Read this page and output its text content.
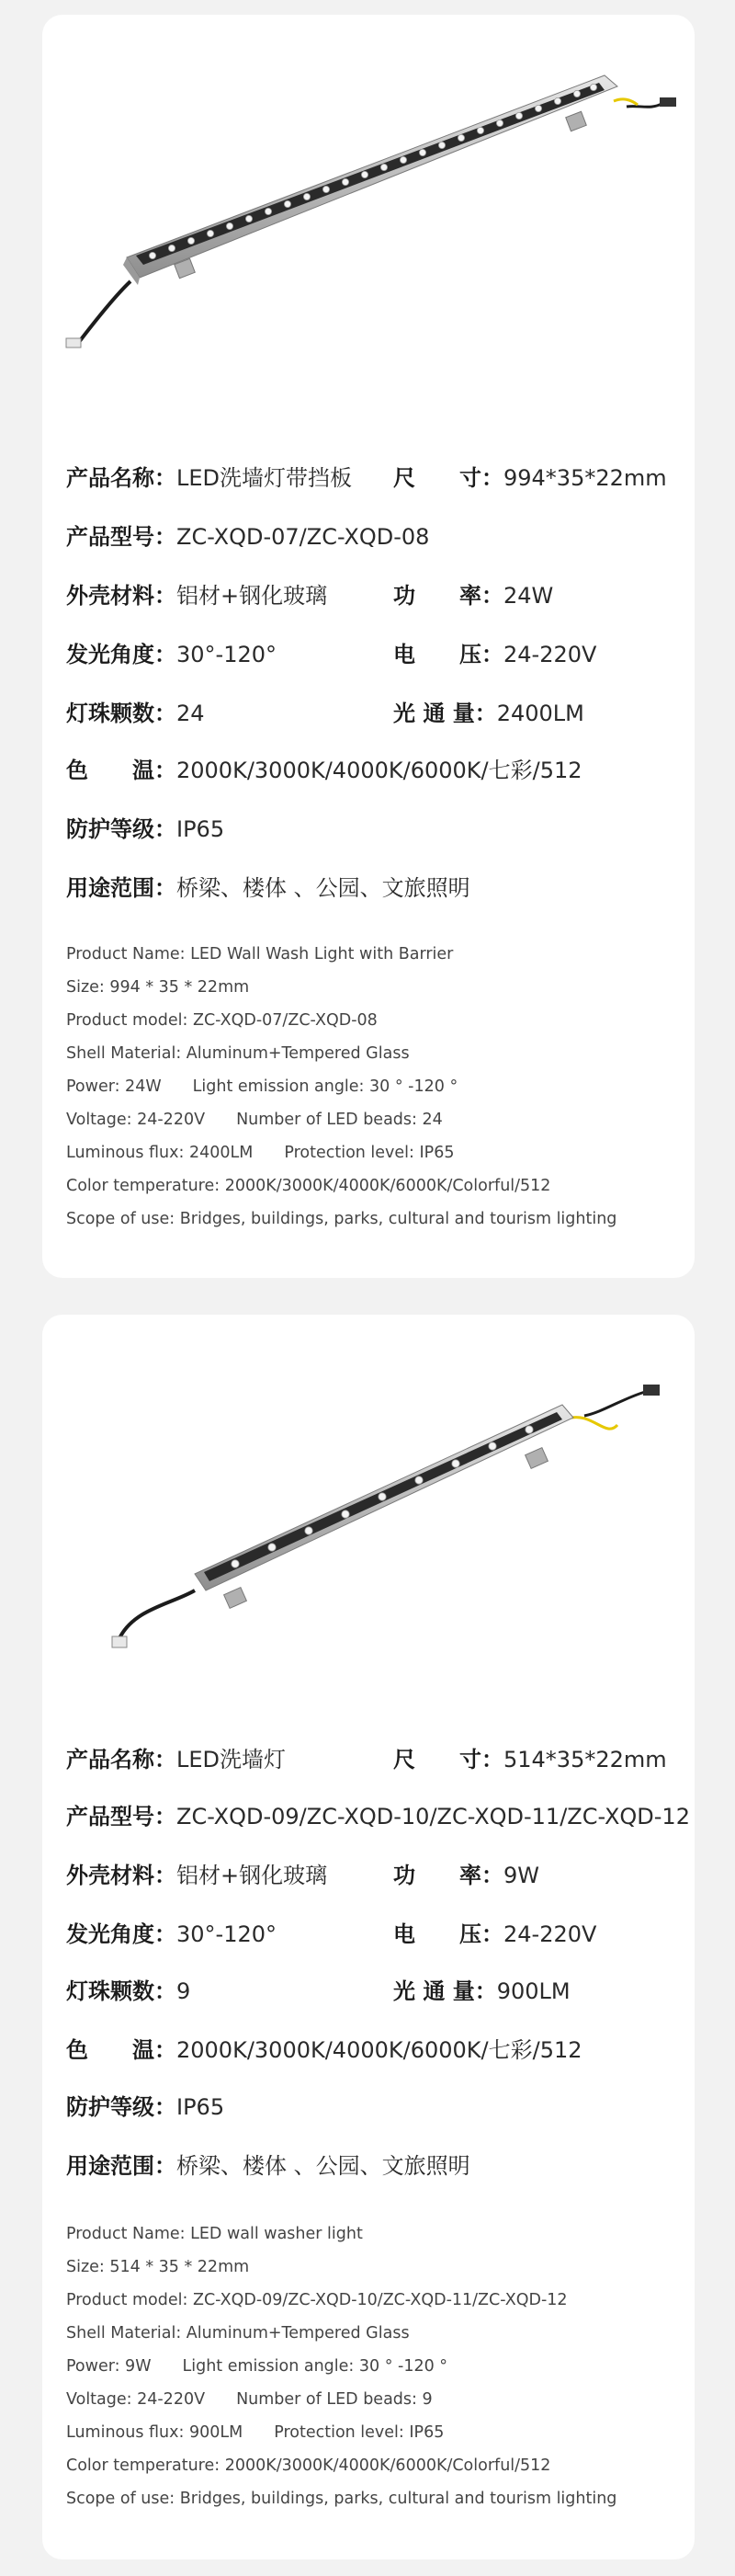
产品名称：LED洗墙灯带挡板 尺　　寸：994*35*22mm
产品型号：ZC-XQD-07/ZC-XQD-08
外壳材料：铝材+钢化玻璃	功　　率：24W
发光角度：30°-120°	电　　压：24-220V
灯珠颗数：24	光 通 量：2400LM
色　　温：2000K/3000K/4000K/6000K/七彩/512
防护等级：IP65
用途范围：桥梁、楼体 、公园、文旅照明
Product Name: LED Wall Wash Light with Barrier
Size: 994 * 35 * 22mm
Product model: ZC-XQD-07/ZC-XQD-08
Shell Material: Aluminum+Tempered Glass
Power: 24W Light emission angle: 30 ° -120 °
Voltage: 24-220V Number of LED beads: 24
Luminous flux: 2400LM Protection level: IP65
Color temperature: 2000K/3000K/4000K/6000K/Colorful/512
Scope of use: Bridges, buildings, parks, cultural and tourism lighting
产品名称：LED洗墙灯	尺　　寸：514*35*22mm
产品型号：ZC-XQD-09/ZC-XQD-10/ZC-XQD-11/ZC-XQD-12
外壳材料：铝材+钢化玻璃	功　　率：9W
发光角度：30°-120°	电　　压：24-220V
灯珠颗数：9	光 通 量：900LM
色　　温：2000K/3000K/4000K/6000K/七彩/512
防护等级：IP65
用途范围：桥梁、楼体 、公园、文旅照明
Product Name: LED wall washer light
Size: 514 * 35 * 22mm
Product model: ZC-XQD-09/ZC-XQD-10/ZC-XQD-11/ZC-XQD-12
Shell Material: Aluminum+Tempered Glass
Power: 9W Light emission angle: 30 ° -120 °
Voltage: 24-220V Number of LED beads: 9
Luminous flux: 900LM Protection level: IP65
Color temperature: 2000K/3000K/4000K/6000K/Colorful/512
Scope of use: Bridges, buildings, parks, cultural and tourism lighting
